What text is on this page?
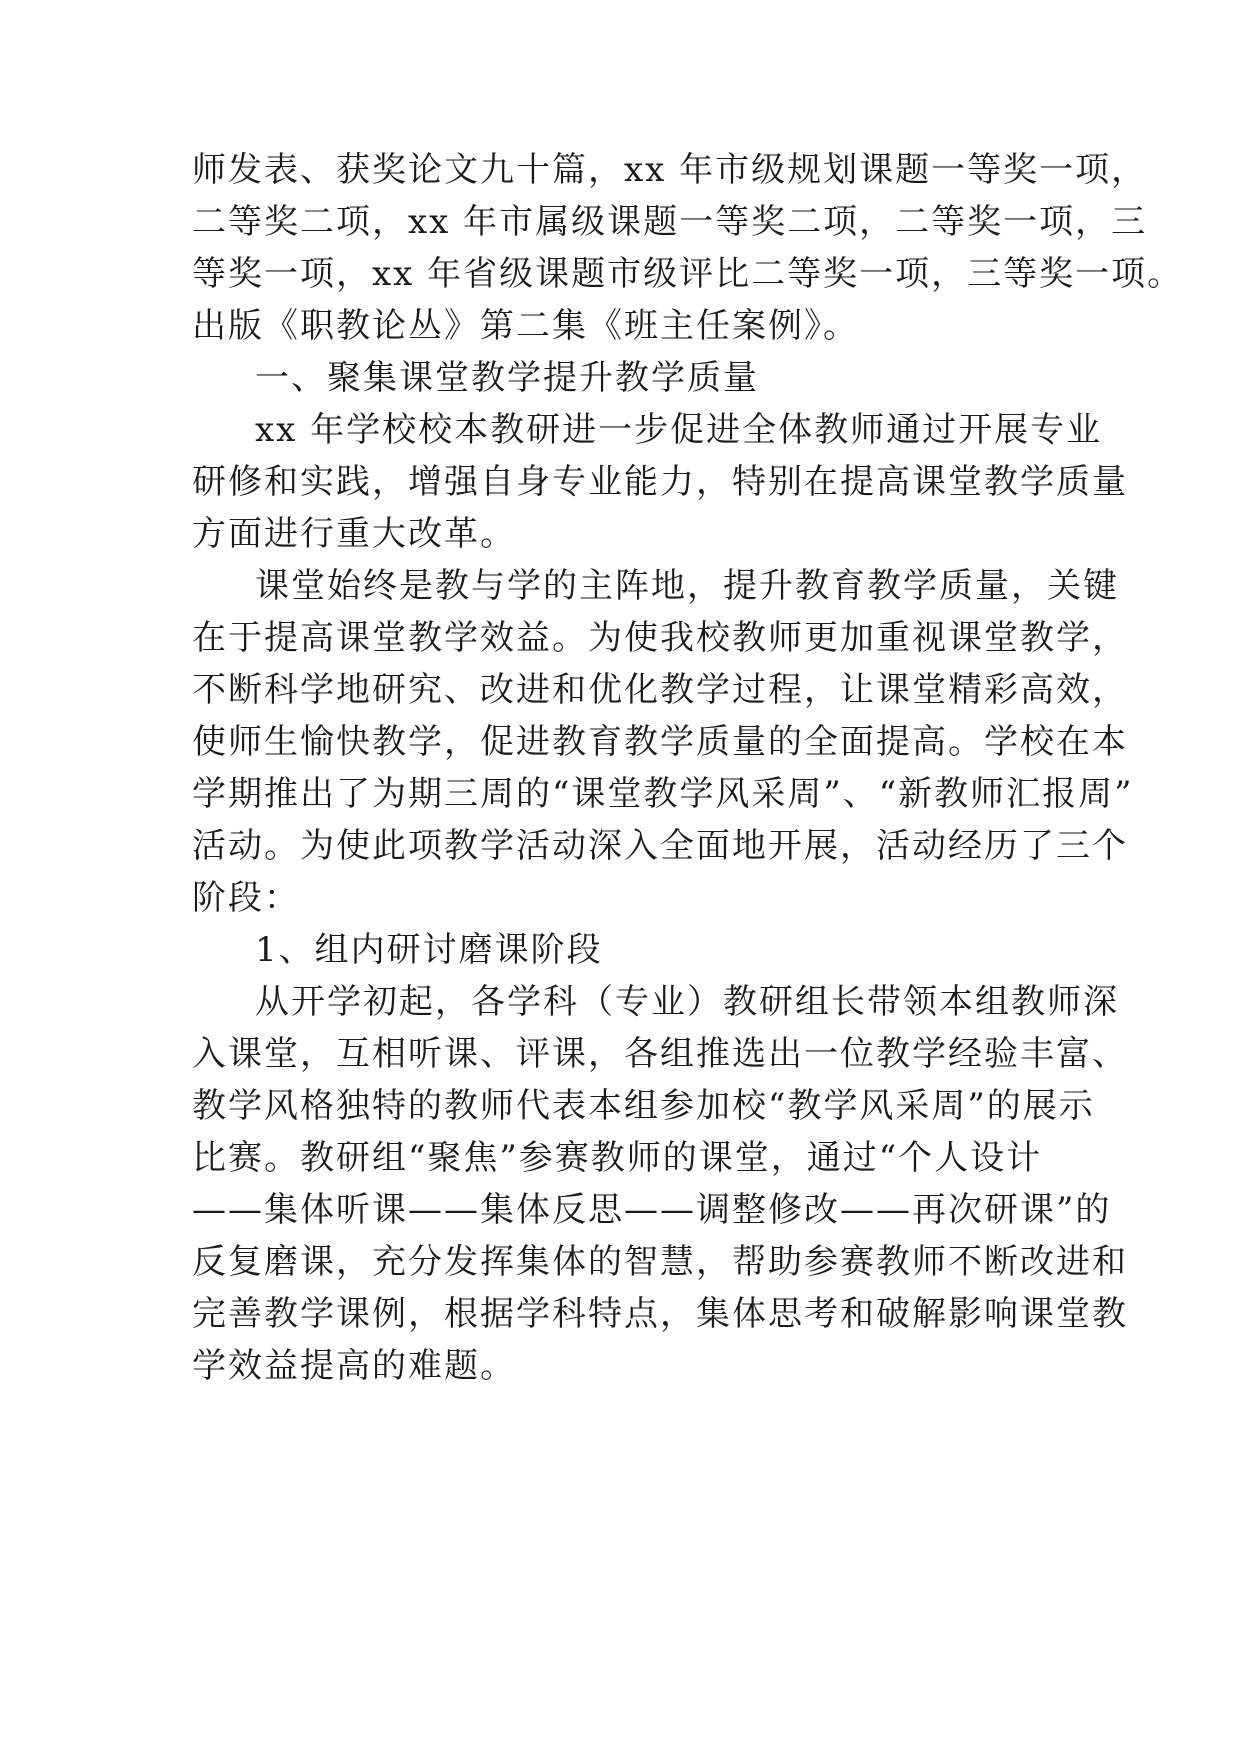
师发表、获奖论文九十篇，xx 年市级规划课题一等奖一项，
二等奖二项，xx 年市属级课题一等奖二项，二等奖一项，三
等奖一项，xx 年省级课题市级评比二等奖一项，三等奖一项。
出版《职教论丛》第二集《班主任案例》。
一、聚集课堂教学提升教学质量
xx 年学校校本教研进一步促进全体教师通过开展专业
研修和实践，增强自身专业能力，特别在提高课堂教学质量
方面进行重大改革。
课堂始终是教与学的主阵地，提升教育教学质量，关键
在于提高课堂教学效益。为使我校教师更加重视课堂教学，
不断科学地研究、改进和优化教学过程，让课堂精彩高效，
使师生愉快教学，促进教育教学质量的全面提高。学校在本
学期推出了为期三周的“课堂教学风采周”、“新教师汇报周”
活动。为使此项教学活动深入全面地开展，活动经历了三个
阶段：
1、组内研讨磨课阶段
从开学初起，各学科（专业）教研组长带领本组教师深
入课堂，互相听课、评课，各组推选出一位教学经验丰富、
教学风格独特的教师代表本组参加校“教学风采周”的展示
比赛。教研组“聚焦”参赛教师的课堂，通过“个人设计
——集体听课——集体反思——调整修改——再次研课”的
反复磨课，充分发挥集体的智慧，帮助参赛教师不断改进和
完善教学课例，根据学科特点，集体思考和破解影响课堂教
学效益提高的难题。
